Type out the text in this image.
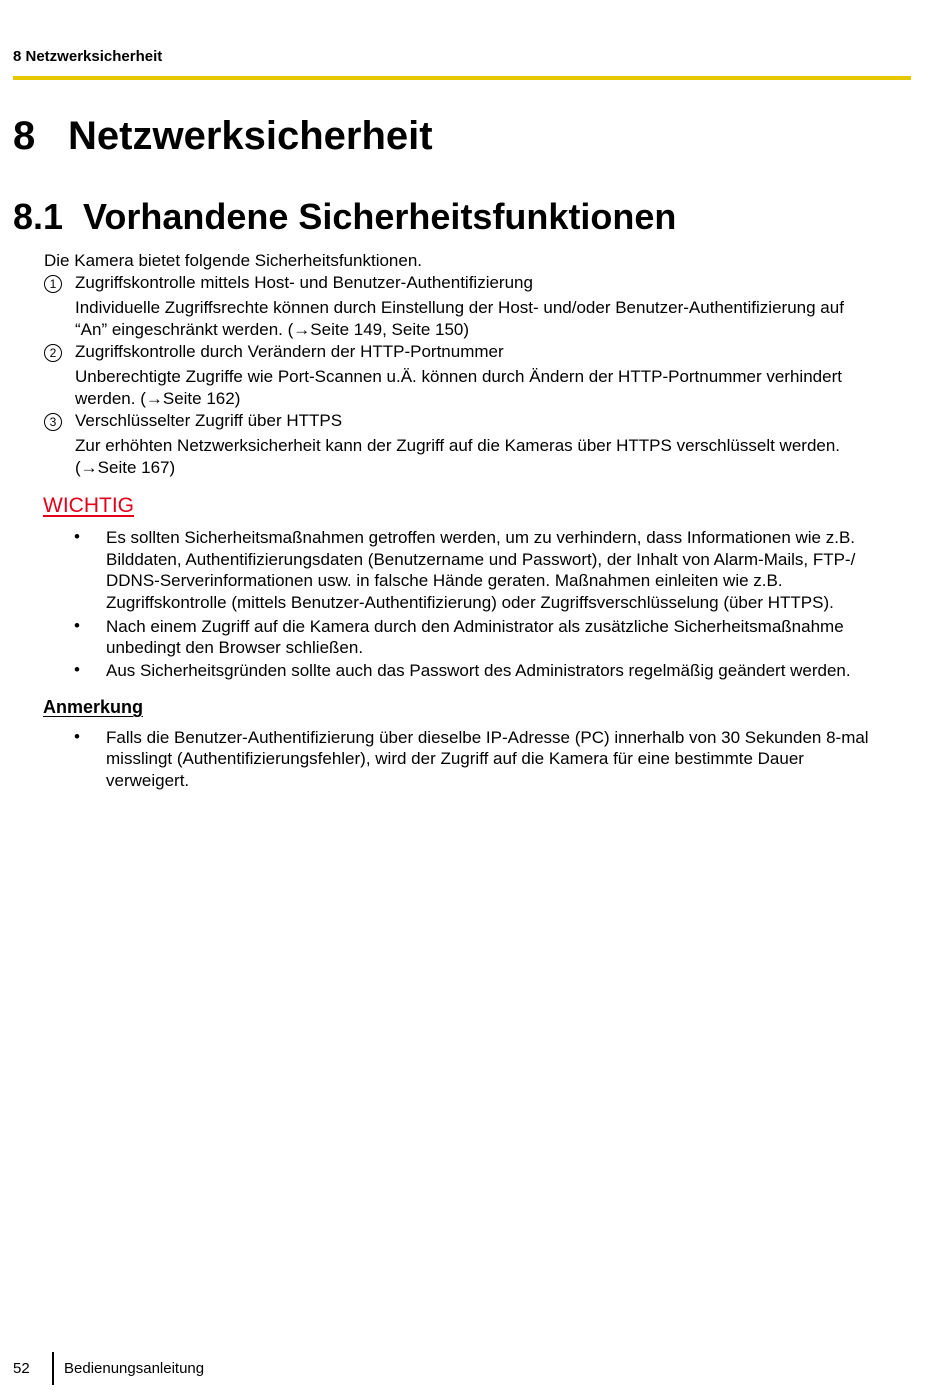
8 Netzwerksicherheit
8 Netzwerksicherheit
8.1 Vorhandene Sicherheitsfunktionen
Die Kamera bietet folgende Sicherheitsfunktionen.
1	Zugriffskontrolle mittels Host- und Benutzer-Authentifizierung
Individuelle Zugriffsrechte können durch Einstellung der Host- und/oder Benutzer-Authentifizierung auf
“An” eingeschränkt werden. (→Seite 149, Seite 150)
2	Zugriffskontrolle durch Verändern der HTTP-Portnummer
Unberechtigte Zugriffe wie Port-Scannen u.Ä. können durch Ändern der HTTP-Portnummer verhindert
werden. (→Seite 162)
3	Verschlüsselter Zugriff über HTTPS
Zur erhöhten Netzwerksicherheit kann der Zugriff auf die Kameras über HTTPS verschlüsselt werden.
(→Seite 167)
WICHTIG
• Es sollten Sicherheitsmaßnahmen getroffen werden, um zu verhindern, dass Informationen wie z.B.
Bilddaten, Authentifizierungsdaten (Benutzername und Passwort), der Inhalt von Alarm-Mails, FTP-/
DDNS-Serverinformationen usw. in falsche Hände geraten. Maßnahmen einleiten wie z.B.
Zugriffskontrolle (mittels Benutzer-Authentifizierung) oder Zugriffsverschlüsselung (über HTTPS).
• Nach einem Zugriff auf die Kamera durch den Administrator als zusätzliche Sicherheitsmaßnahme
unbedingt den Browser schließen.
• Aus Sicherheitsgründen sollte auch das Passwort des Administrators regelmäßig geändert werden.
Anmerkung
• Falls die Benutzer-Authentifizierung über dieselbe IP-Adresse (PC) innerhalb von 30 Sekunden 8-mal
misslingt (Authentifizierungsfehler), wird der Zugriff auf die Kamera für eine bestimmte Dauer
verweigert.
52 Bedienungsanleitung
